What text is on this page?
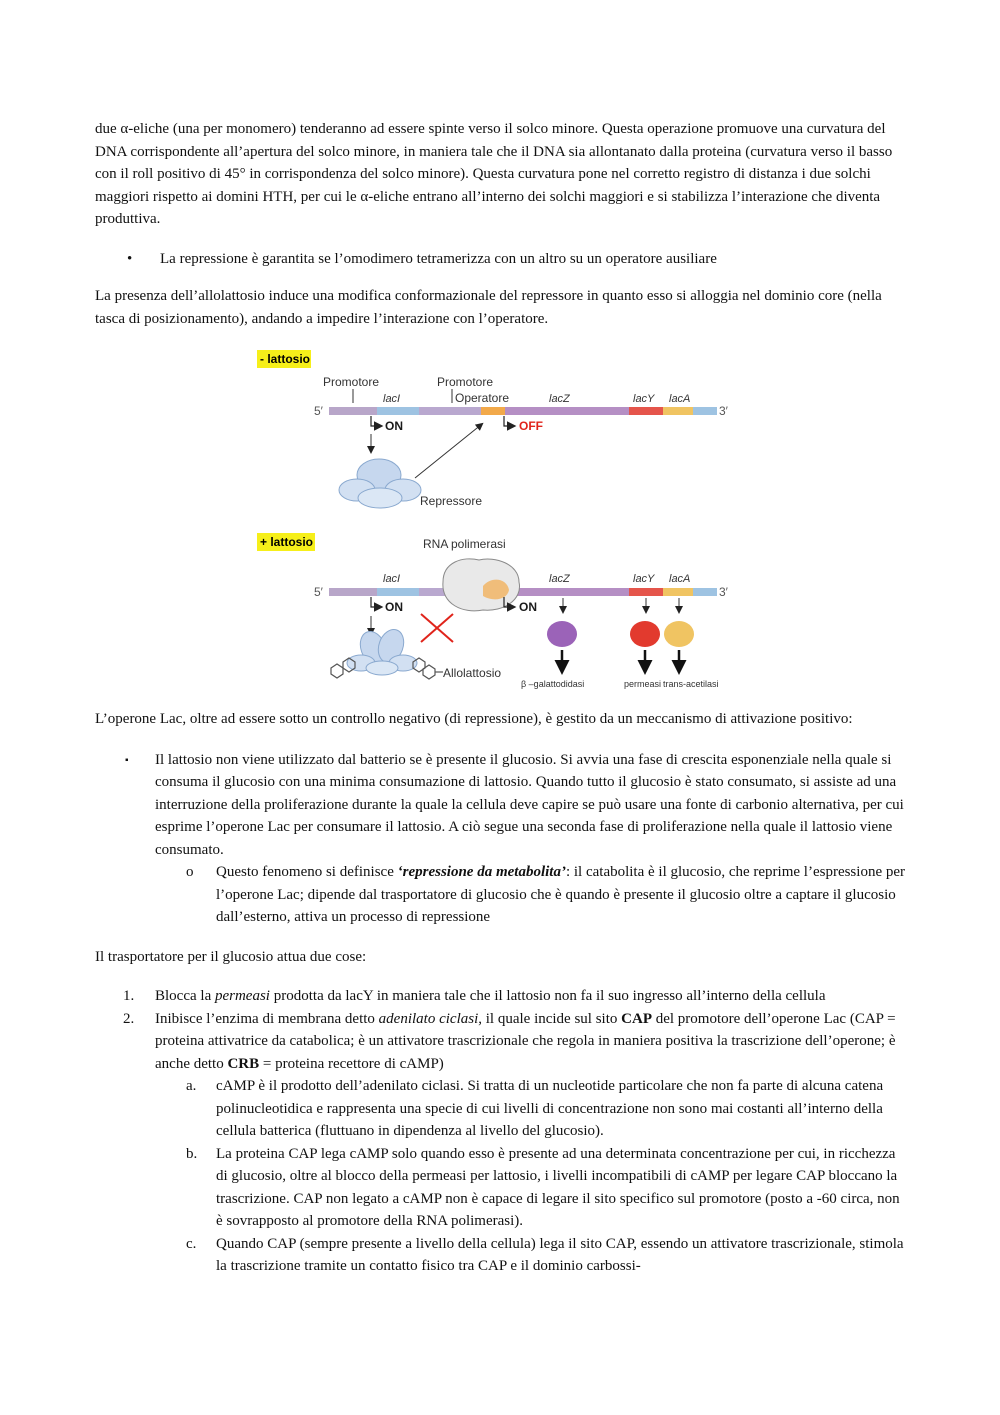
due α-eliche (una per monomero) tenderanno ad essere spinte verso il solco minore. Questa operazione promuove una curvatura del DNA corrispondente all’apertura del solco minore, in maniera tale che il DNA sia allontanato dalla proteina (curvatura verso il basso con il roll positivo di 45° in corrispondenza del solco minore). Questa curvatura pone nel corretto registro di distanza i due solchi maggiori rispetto ai domini HTH, per cui le α-eliche entrano all’interno dei solchi maggiori e si stabilizza l’interazione che diventa produttiva.

•	La repressione è garantita se l’omodimero tetramerizza con un altro su un operatore ausiliare

La presenza dell’allolattosio induce una modifica conformazionale del repressore in quanto esso si alloggia nel dominio core (nella tasca di posizionamento), andando a impedire l’interazione con l’operatore.

- lattosio
Promotore	Promotore
Operatore
lacI	lacZ	lacY lacA
5′	3′
ON	OFF
Repressore
+ lattosio	RNA polimerasi
lacI	lacZ	lacY lacA
5′	3′
ON	ON
Allolattosio
β –galattodidasi	permeasi trans-acetilasi

L’operone Lac, oltre ad essere sotto un controllo negativo (di repressione), è gestito da un meccanismo di attivazione positivo:

▪	Il lattosio non viene utilizzato dal batterio se è presente il glucosio. Si avvia una fase di crescita esponenziale nella quale si consuma il glucosio con una minima consumazione di lattosio. Quando tutto il glucosio è stato consumato, si assiste ad una interruzione della proliferazione durante la quale la cellula deve capire se può usare una fonte di carbonio alternativa, per cui esprime l’operone Lac per consumare il lattosio. A ciò segue una seconda fase di proliferazione nella quale il lattosio viene consumato.
o	Questo fenomeno si definisce ‘repressione da metabolita’: il catabolita è il glucosio, che reprime l’espressione per l’operone Lac; dipende dal trasportatore di glucosio che è quando è presente il glucosio oltre a captare il glucosio dall’esterno, attiva un processo di repressione

Il trasportatore per il glucosio attua due cose:

1.	Blocca la permeasi prodotta da lacY in maniera tale che il lattosio non fa il suo ingresso all’interno della cellula
2.	Inibisce l’enzima di membrana detto adenilato ciclasi, il quale incide sul sito CAP del promotore dell’operone Lac (CAP = proteina attivatrice da catabolica; è un attivatore trascrizionale che regola in maniera positiva la trascrizione dell’operone; è anche detto CRB = proteina recettore di cAMP)
a.	cAMP è il prodotto dell’adenilato ciclasi. Si tratta di un nucleotide particolare che non fa parte di alcuna catena polinucleotidica e rappresenta una specie di cui livelli di concentrazione non sono mai costanti all’interno della cellula batterica (fluttuano in dipendenza al livello del glucosio).
b.	La proteina CAP lega cAMP solo quando esso è presente ad una determinata concentrazione per cui, in ricchezza di glucosio, oltre al blocco della permeasi per lattosio, i livelli incompatibili di cAMP per legare CAP bloccano la trascrizione. CAP non legato a cAMP non è capace di legare il sito specifico sul promotore (posto a -60 circa, non è sovrapposto al promotore della RNA polimerasi).
c.	Quando CAP (sempre presente a livello della cellula) lega il sito CAP, essendo un attivatore trascrizionale, stimola la trascrizione tramite un contatto fisico tra CAP e il dominio carbossi-
